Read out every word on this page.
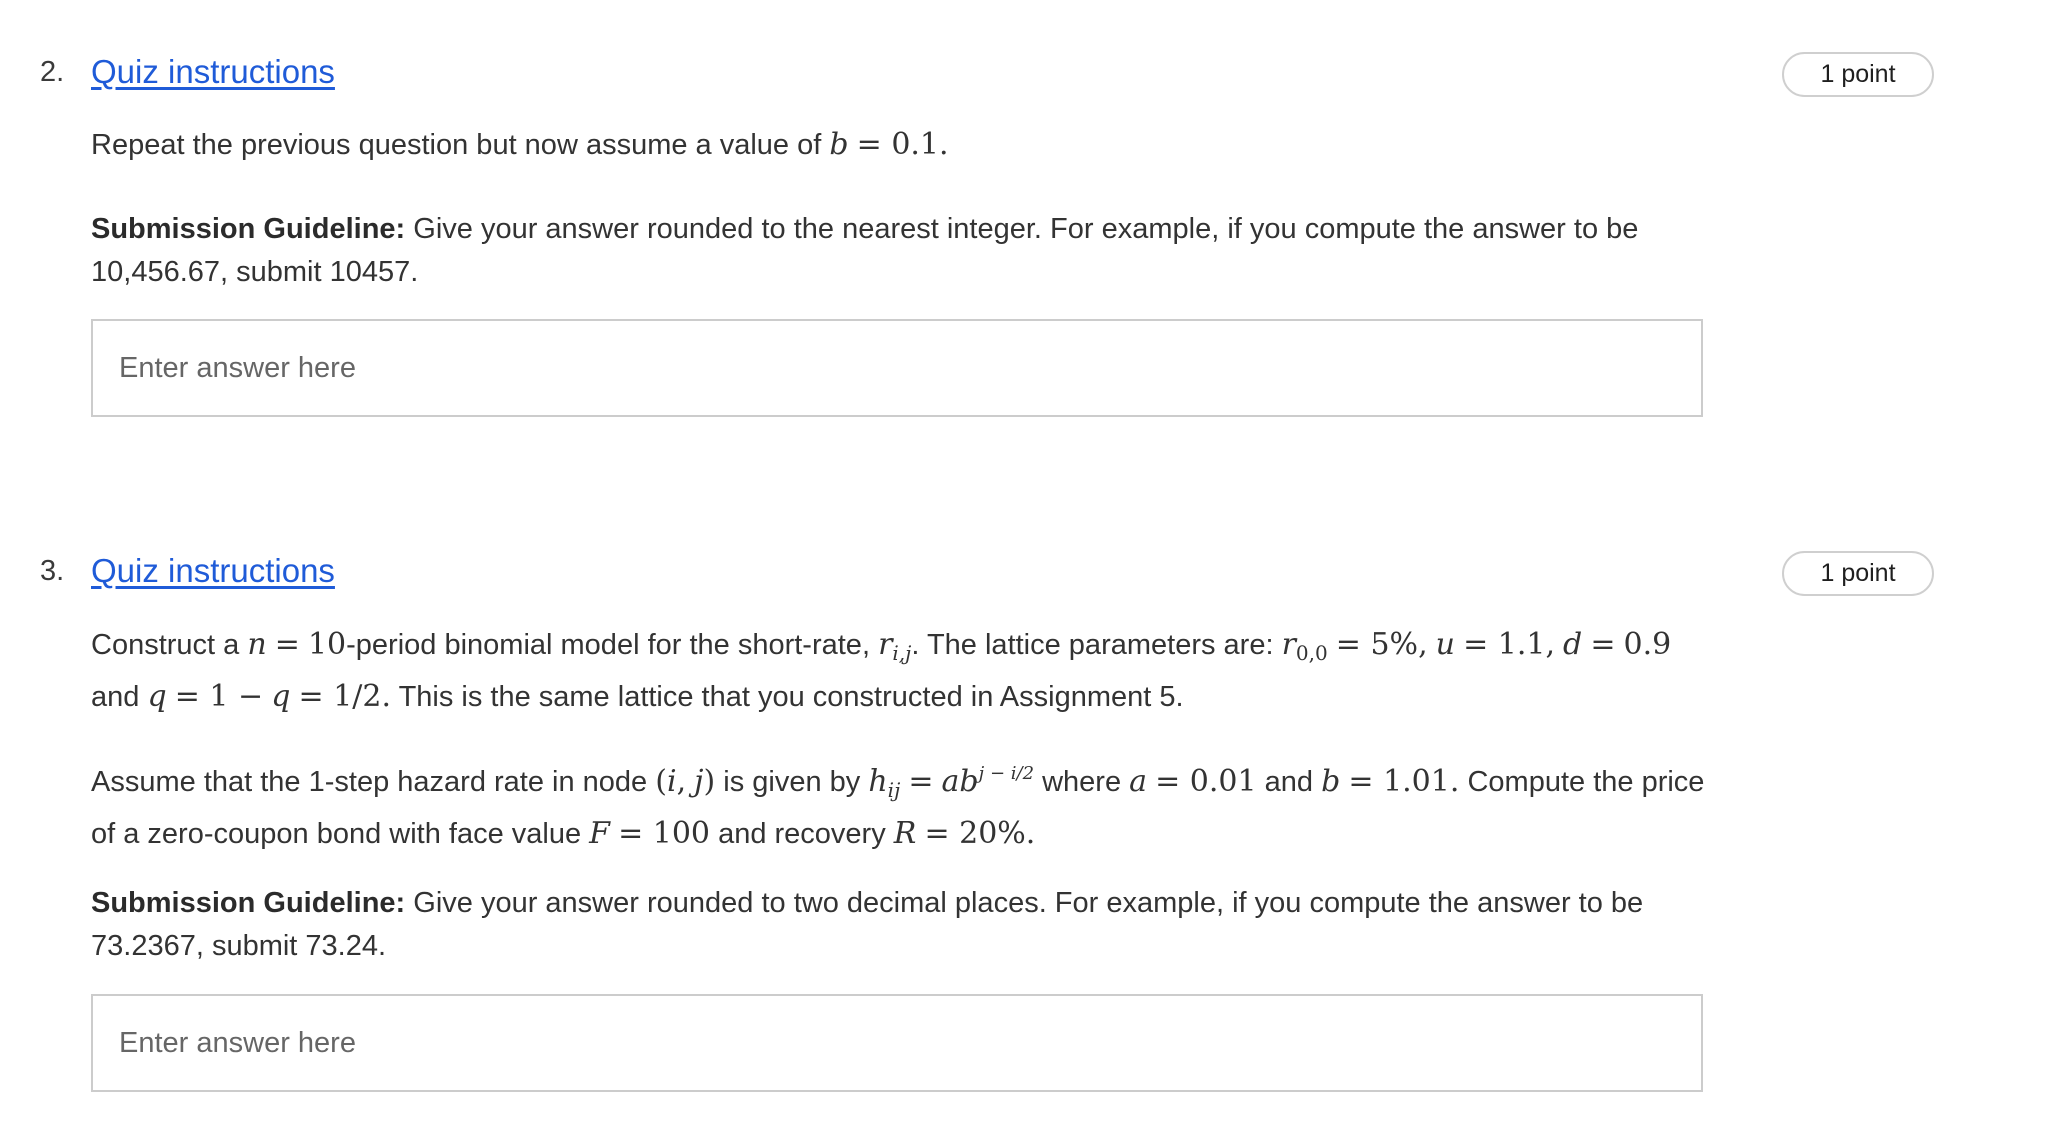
2. Quiz instructions	1 point
Repeat the previous question but now assume a value of b = 0.1.
Submission Guideline: Give your answer rounded to the nearest integer. For example, if you compute the answer to be 10,456.67, submit 10457.
Enter answer here
3. Quiz instructions	1 point
Construct a n = 10-period binomial model for the short-rate, $r_{i,j}$. The lattice parameters are: $r_{0,0} = 5\%$, u = 1.1, d = 0.9 and q = 1 − q = 1/2. This is the same lattice that you constructed in Assignment 5.
Assume that the 1-step hazard rate in node (i, j) is given by $h_{ij} = ab^{j - i/2}$ where a = 0.01 and b = 1.01. Compute the price of a zero-coupon bond with face value F = 100 and recovery R = 20%.
Submission Guideline: Give your answer rounded to two decimal places. For example, if you compute the answer to be 73.2367, submit 73.24.
Enter answer here
